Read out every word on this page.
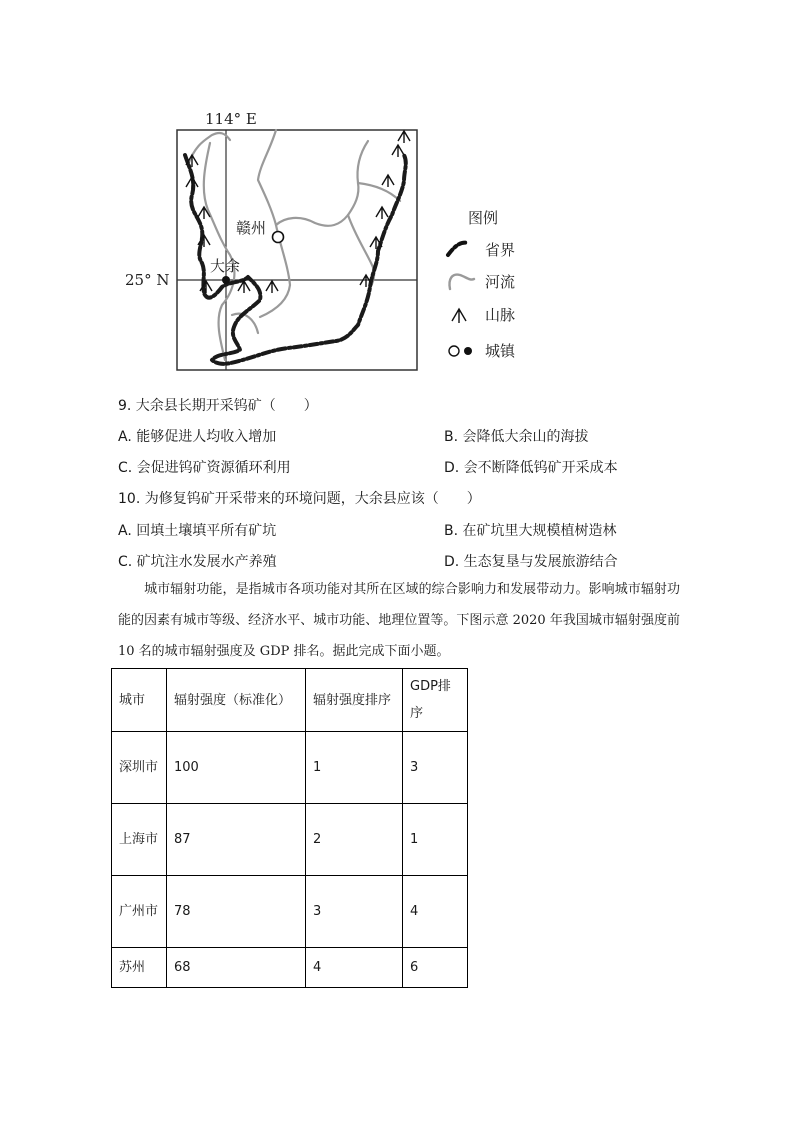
114° E
25° N
赣州
大余
图例
省界
河流
山脉
城镇
9. 大余县长期开采钨矿（　　）
A. 能够促进人均收入增加	B. 会降低大余山的海拔
C. 会促进钨矿资源循环利用	D. 会不断降低钨矿开采成本
10. 为修复钨矿开采带来的环境问题，大余县应该（　　）
A. 回填土壤填平所有矿坑	B. 在矿坑里大规模植树造林
C. 矿坑注水发展水产养殖	D. 生态复垦与发展旅游结合
城市辐射功能，是指城市各项功能对其所在区域的综合影响力和发展带动力。影响城市辐射功能的因素有城市等级、经济水平、城市功能、地理位置等。下图示意 2020 年我国城市辐射强度前 10 名的城市辐射强度及 GDP 排名。据此完成下面小题。
城市	辐射强度（标准化）	辐射强度排序	GDP排序
深圳市	100	1	3
上海市	87	2	1
广州市	78	3	4
苏州	68	4	6
